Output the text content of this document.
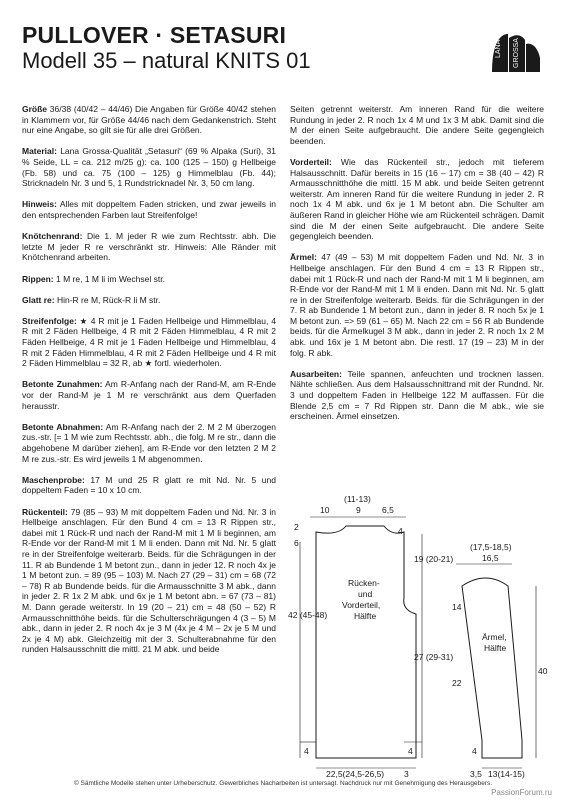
PULLOVER · SETASURI
Modell 35 – natural KNITS 01	LANA GROSSA

Größe 36/38 (40/42 – 44/46) Die Angaben für Größe 40/42 stehen in Klammern vor, für Größe 44/46 nach dem Gedankenstrich. Steht nur eine Angabe, so gilt sie für alle drei Größen.

Material: Lana Grossa-Qualität „Setasuri“ (69 % Alpaka (Suri), 31 % Seide, LL = ca. 212 m/25 g): ca. 100 (125 – 150) g Hellbeige (Fb. 58) und ca. 75 (100 – 125) g Himmelblau (Fb. 44); Stricknadeln Nr. 3 und 5, 1 Rundstricknadel Nr. 3, 50 cm lang.

Hinweis: Alles mit doppeltem Faden stricken, und zwar jeweils in den entsprechenden Farben laut Streifenfolge!

Knötchenrand: Die 1. M jeder R wie zum Rechtsstr. abh. Die letzte M jeder R re verschränkt str. Hinweis: Alle Ränder mit Knötchenrand arbeiten.

Rippen: 1 M re, 1 M li im Wechsel str.

Glatt re: Hin-R re M, Rück-R li M str.

Streifenfolge: ★ 4 R mit je 1 Faden Hellbeige und Himmelblau, 4 R mit 2 Fäden Hellbeige, 4 R mit 2 Fäden Himmelblau, 4 R mit 2 Fäden Hellbeige, 4 R mit je 1 Faden Hellbeige und Himmelblau, 4 R mit 2 Fäden Himmelblau, 4 R mit 2 Fäden Hellbeige und 4 R mit 2 Fäden Himmelblau = 32 R, ab ★ fortl. wiederholen.

Betonte Zunahmen: Am R-Anfang nach der Rand-M, am R-Ende vor der Rand-M je 1 M re verschränkt aus dem Querfaden herausstr.

Betonte Abnahmen: Am R-Anfang nach der 2. M 2 M überzogen zus.-str. [= 1 M wie zum Rechtsstr. abh., die folg. M re str., dann die abgehobene M darüber ziehen], am R-Ende vor den letzten 2 M 2 M re zus.-str. Es wird jeweils 1 M abgenommen.

Maschenprobe: 17 M und 25 R glatt re mit Nd. Nr. 5 und doppeltem Faden = 10 x 10 cm.

Rückenteil: 79 (85 – 93) M mit doppeltem Faden und Nd. Nr. 3 in Hellbeige anschlagen. Für den Bund 4 cm = 13 R Rippen str., dabei mit 1 Rück-R und nach der Rand-M mit 1 M li beginnen, am R-Ende vor der Rand-M mit 1 M li enden. Dann mit Nd. Nr. 5 glatt re in der Streifenfolge weiterarb. Beids. für die Schrägungen in der 11. R ab Bundende 1 M betont zun., dann in jeder 12. R noch 4x je 1 M betont zun. = 89 (95 – 103) M. Nach 27 (29 – 31) cm = 68 (72 – 78) R ab Bundende beids. für die Armausschnitte 3 M abk., dann in jeder 2. R 1x 2 M abk. und 6x je 1 M betont abn. = 67 (73 – 81) M. Dann gerade weiterstr. In 19 (20 – 21) cm = 48 (50 – 52) R Armausschnitthöhe beids. für die Schulterschrägungen 4 (3 – 5) M abk., dann in jeder 2. R noch 4x je 3 M (4x je 4 M – 2x je 5 M und 2x je 4 M) abk. Gleichzeitig mit der 3. Schulterabnahme für den runden Halsausschnitt die mittl. 21 M abk. und beide

Seiten getrennt weiterstr. Am inneren Rand für die weitere Rundung in jeder 2. R noch 1x 4 M und 1x 3 M abk. Damit sind die M der einen Seite aufgebraucht. Die andere Seite gegengleich beenden.

Vorderteil: Wie das Rückenteil str., jedoch mit tieferem Halsausschnitt. Dafür bereits in 15 (16 – 17) cm = 38 (40 – 42) R Armausschnitthöhe die mittl. 15 M abk. und beide Seiten getrennt weiterstr. Am inneren Rand für die weitere Rundung in jeder 2. R noch 1x 4 M abk. und 6x je 1 M betont abn. Die Schulter am äußeren Rand in gleicher Höhe wie am Rückenteil schrägen. Damit sind die M der einen Seite aufgebraucht. Die andere Seite gegengleich beenden.

Ärmel: 47 (49 – 53) M mit doppeltem Faden und Nd. Nr. 3 in Hellbeige anschlagen. Für den Bund 4 cm = 13 R Rippen str., dabei mit 1 Rück-R und nach der Rand-M mit 1 M li beginnen, am R-Ende vor der Rand-M mit 1 M li enden. Dann mit Nd. Nr. 5 glatt re in der Streifenfolge weiterarb. Beids. für die Schrägungen in der 7. R ab Bundende 1 M betont zun., dann in jeder 8. R noch 5x je 1 M betont zun. => 59 (61 – 65) M. Nach 22 cm = 56 R ab Bundende beids. für die Ärmelkugel 3 M abk., dann in jeder 2. R noch 1x 2 M abk. und 16x je 1 M betont abn. Die restl. 17 (19 – 23) M in der folg. R abk.

Ausarbeiten: Teile spannen, anfeuchten und trocknen lassen. Nähte schließen. Aus dem Halsausschnittrand mit der Rundnd. Nr. 3 und doppeltem Faden in Hellbeige 122 M auffassen. Für die Blende 2,5 cm = 7 Rd Rippen str. Dann die M abk., wie sie erscheinen. Ärmel einsetzen.

(11-13)
10	9	6,5
2
6
4
42 (45-48)
Rücken-
und
Vorderteil,
Hälfte
19 (20-21)
27 (29-31)
4	4
22,5(24,5-26,5) 3
(17,5-18,5)
16,5
14
22
40
4
Ärmel,
Hälfte
13(14-15)
3,5
© Sämtliche Modelle stehen unter Urheberschutz. Gewerbliches Nacharbeiten ist untersagt. Nachdruck nur mit Genehmigung des Herausgebers.
PassionForum.ru
